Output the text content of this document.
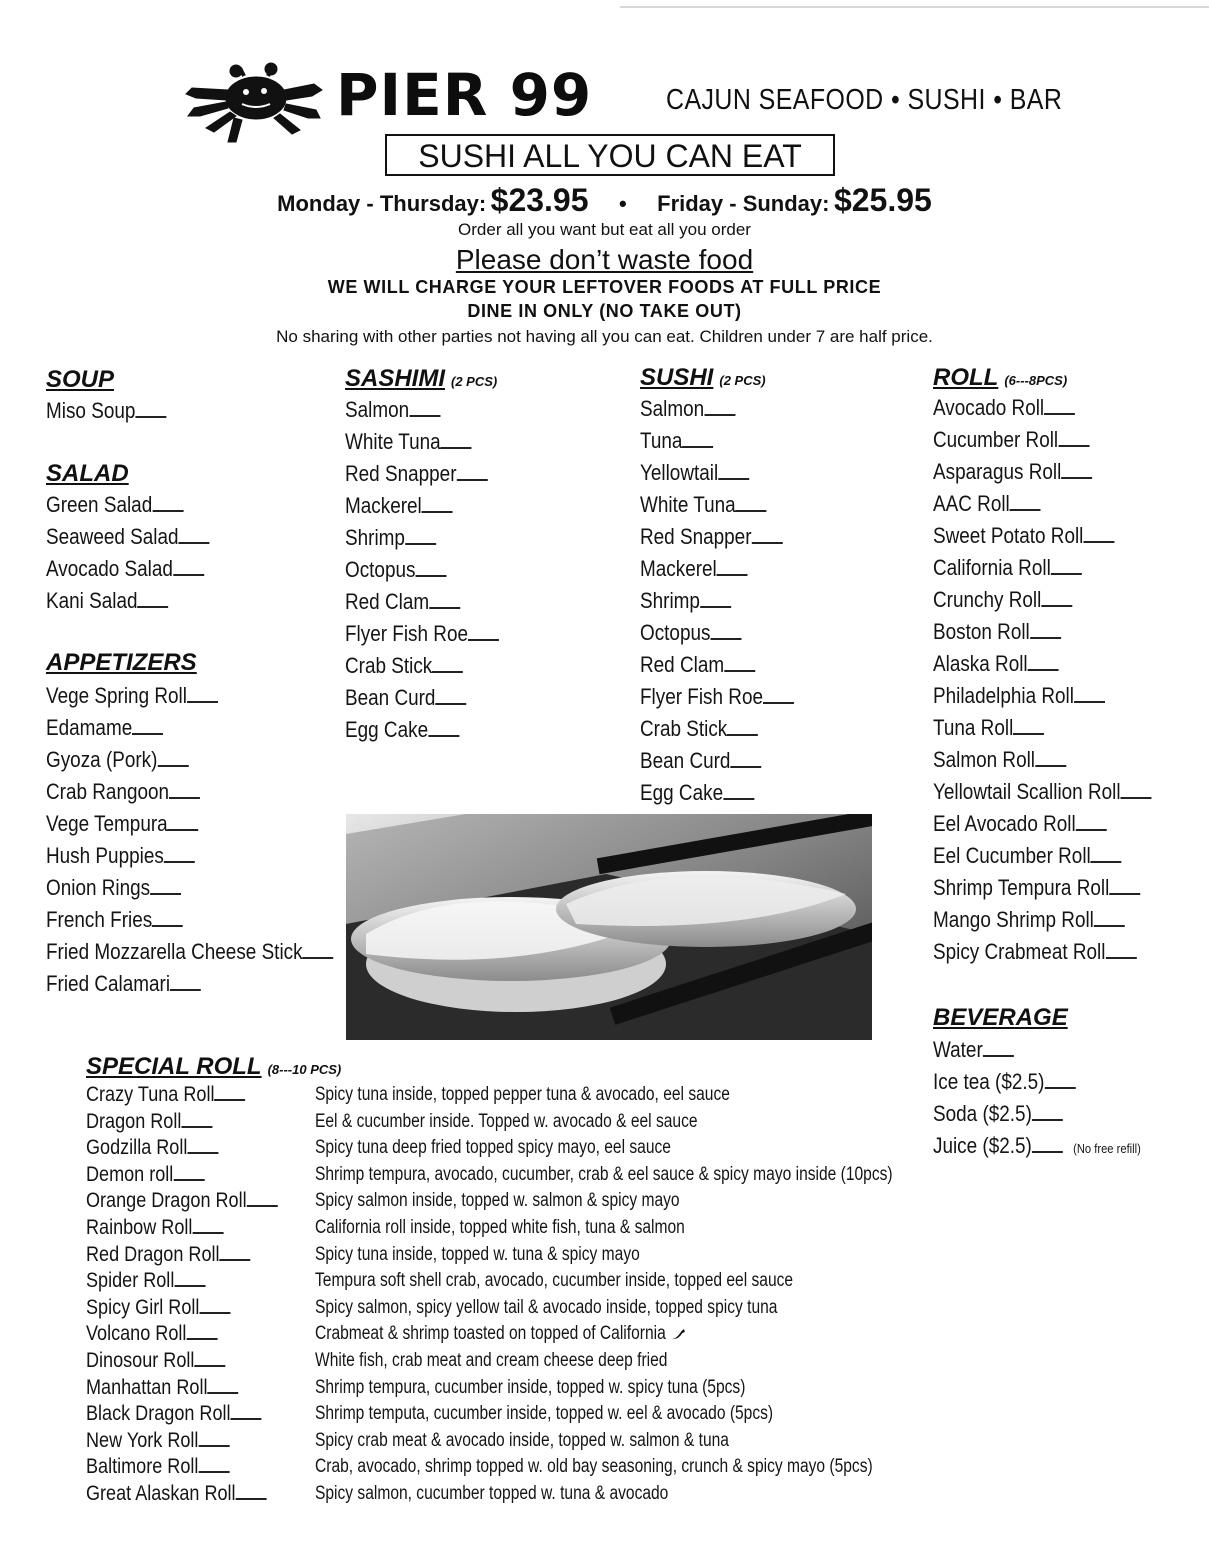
PIER 99	CAJUN SEAFOOD • SUSHI • BAR
SUSHI ALL YOU CAN EAT
Monday - Thursday: $23.95 • Friday - Sunday: $25.95
Order all you want but eat all you order
Please don’t waste food
WE WILL CHARGE YOUR LEFTOVER FOODS AT FULL PRICE
DINE IN ONLY (NO TAKE OUT)
No sharing with other parties not having all you can eat. Children under 7 are half price.
SOUP
Miso Soup
SALAD
Green Salad
Seaweed Salad
Avocado Salad
Kani Salad
APPETIZERS
Vege Spring Roll
Edamame
Gyoza (Pork)
Crab Rangoon
Vege Tempura
Hush Puppies
Onion Rings
French Fries
Fried Mozzarella Cheese Stick
Fried Calamari
SASHIMI (2 PCS)
Salmon
White Tuna
Red Snapper
Mackerel
Shrimp
Octopus
Red Clam
Flyer Fish Roe
Crab Stick
Bean Curd
Egg Cake
SUSHI (2 PCS)
Salmon
Tuna
Yellowtail
White Tuna
Red Snapper
Mackerel
Shrimp
Octopus
Red Clam
Flyer Fish Roe
Crab Stick
Bean Curd
Egg Cake
ROLL (6---8PCS)
Avocado Roll
Cucumber Roll
Asparagus Roll
AAC Roll
Sweet Potato Roll
California Roll
Crunchy Roll
Boston Roll
Alaska Roll
Philadelphia Roll
Tuna Roll
Salmon Roll
Yellowtail Scallion Roll
Eel Avocado Roll
Eel Cucumber Roll
Shrimp Tempura Roll
Mango Shrimp Roll
Spicy Crabmeat Roll
BEVERAGE
Water
Ice tea ($2.5)
Soda ($2.5)
Juice ($2.5)	(No free refill)
SPECIAL ROLL (8---10 PCS)
Crazy Tuna Roll	Spicy tuna inside, topped pepper tuna & avocado, eel sauce
Dragon Roll	Eel & cucumber inside. Topped w. avocado & eel sauce
Godzilla Roll	Spicy tuna deep fried topped spicy mayo, eel sauce
Demon roll	Shrimp tempura, avocado, cucumber, crab & eel sauce & spicy mayo inside (10pcs)
Orange Dragon Roll	Spicy salmon inside, topped w. salmon & spicy mayo
Rainbow Roll	California roll inside, topped white fish, tuna & salmon
Red Dragon Roll	Spicy tuna inside, topped w. tuna & spicy mayo
Spider Roll	Tempura soft shell crab, avocado, cucumber inside, topped eel sauce
Spicy Girl Roll	Spicy salmon, spicy yellow tail & avocado inside, topped spicy tuna
Volcano Roll	Crabmeat & shrimp toasted on topped of California
Dinosour Roll	White fish, crab meat and cream cheese deep fried
Manhattan Roll	Shrimp tempura, cucumber inside, topped w. spicy tuna (5pcs)
Black Dragon Roll	Shrimp temputa, cucumber inside, topped w. eel & avocado (5pcs)
New York Roll	Spicy crab meat & avocado inside, topped w. salmon & tuna
Baltimore Roll	Crab, avocado, shrimp topped w. old bay seasoning, crunch & spicy mayo (5pcs)
Great Alaskan Roll	Spicy salmon, cucumber topped w. tuna & avocado
